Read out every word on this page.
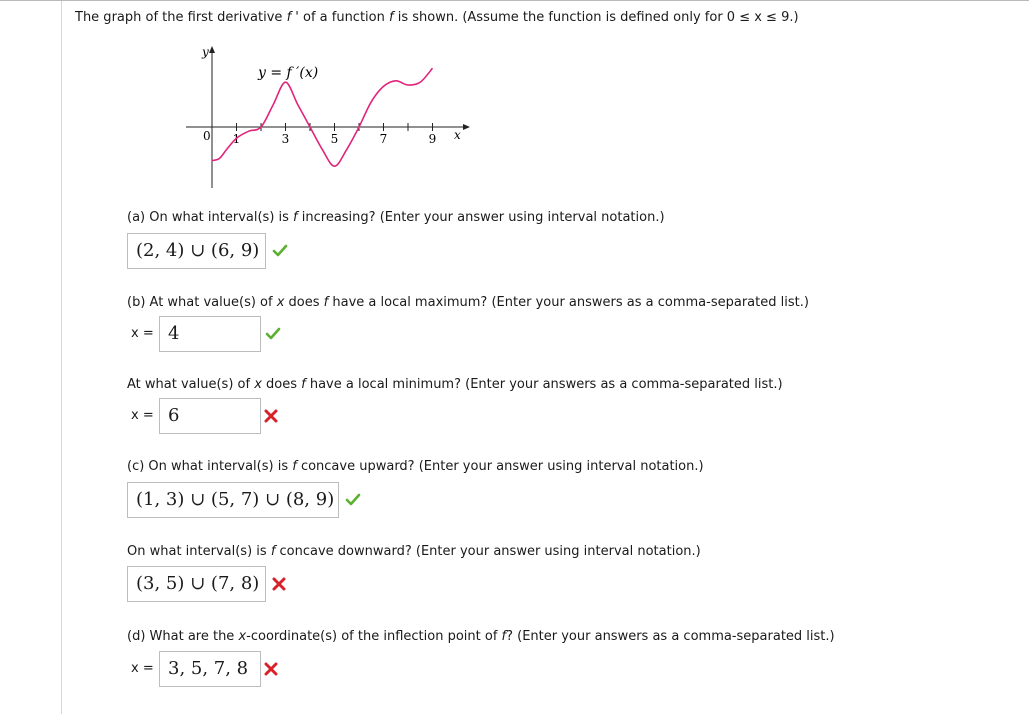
The graph of the first derivative f ' of a function f is shown. (Assume the function is defined only for 0 ≤ x ≤ 9.)
y
x
0
y = f ′(x)
1	3	5	7	9
(a) On what interval(s) is f increasing? (Enter your answer using interval notation.)
(2, 4) ∪ (6, 9)
(b) At what value(s) of x does f have a local maximum? (Enter your answers as a comma-separated list.)
x = 4
At what value(s) of x does f have a local minimum? (Enter your answers as a comma-separated list.)
x = 6
(c) On what interval(s) is f concave upward? (Enter your answer using interval notation.)
(1, 3) ∪ (5, 7) ∪ (8, 9)
On what interval(s) is f concave downward? (Enter your answer using interval notation.)
(3, 5) ∪ (7, 8)
(d) What are the x-coordinate(s) of the inflection point of f? (Enter your answers as a comma-separated list.)
x = 3, 5, 7, 8
